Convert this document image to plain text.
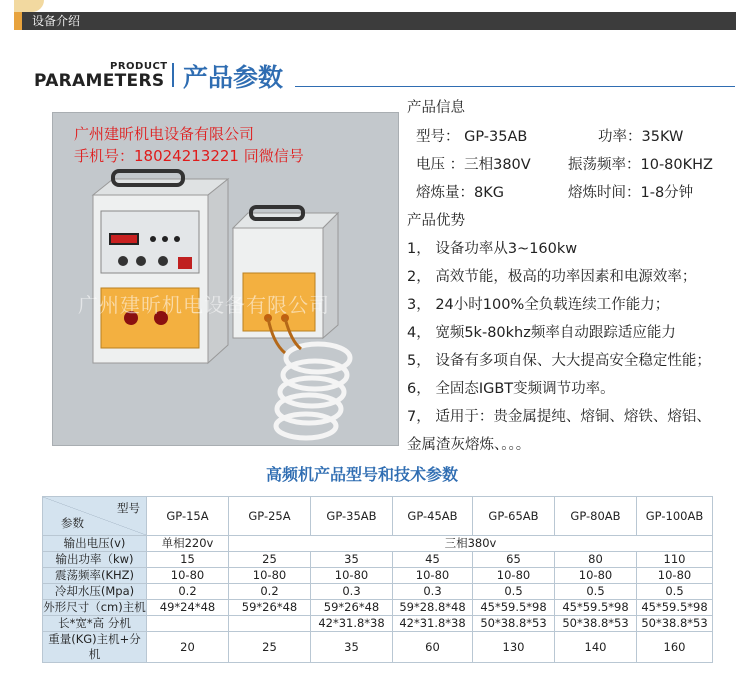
设备介绍
PRODUCT
PARAMETERS 产品参数
广州建昕机电设备有限公司
手机号：18024213221 同微信号
广州建昕机电设备有限公司
产品信息
型号： GP-35AB	功率：35KW
电压 ：三相380V	振荡频率：10-80KHZ
熔炼量：8KG	熔炼时间：1-8分钟
产品优势
1， 设备功率从3~160kw
2， 高效节能，极高的功率因素和电源效率；
3， 24小时100%全负载连续工作能力；
4， 宽频5k-80khz频率自动跟踪适应能力
5， 设备有多项自保、大大提高安全稳定性能；
6， 全固态IGBT变频调节功率。
7， 适用于：贵金属提纯、熔铜、熔铁、熔铝、
金属渣灰熔炼、。。。
高频机产品型号和技术参数
型号
参数	GP-15A	GP-25A	GP-35AB	GP-45AB	GP-65AB	GP-80AB	GP-100AB
输出电压(v)	单相220v	三相380v					
输出功率（kw)	15	25	35	45	65	80	110
震荡频率(KHZ)	10-80	10-80	10-80	10-80	10-80	10-80	10-80
冷却水压(Mpa)	0.2	0.2	0.3	0.3	0.5	0.5	0.5
外形尺寸（cm)主机	49*24*48	59*26*48	59*26*48	59*28.8*48	45*59.5*98	45*59.5*98	45*59.5*98
长*宽*高 分机			42*31.8*38	42*31.8*38	50*38.8*53	50*38.8*53	50*38.8*53
重量(KG)主机+分机	20	25	35	60	130	140	160
